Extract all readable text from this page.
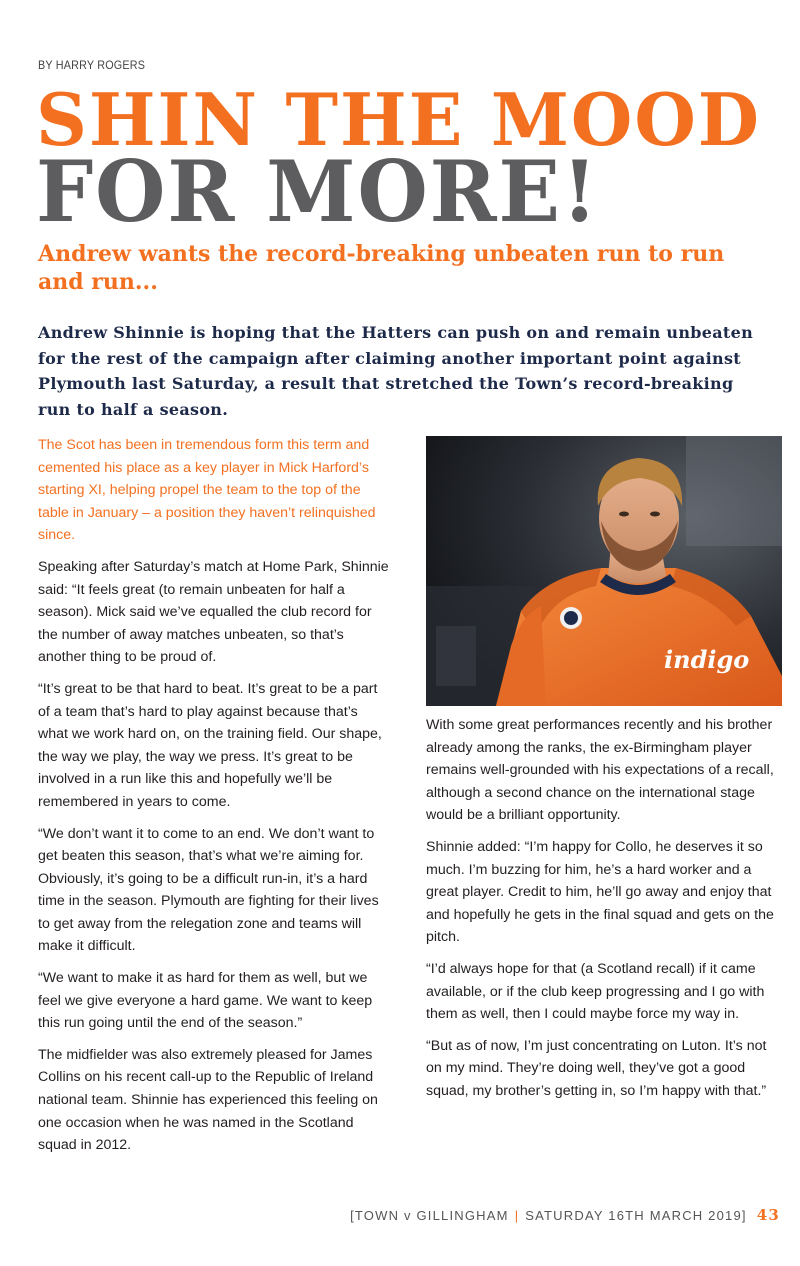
BY HARRY ROGERS
SHIN THE MOOD
FOR MORE!
Andrew wants the record-breaking unbeaten run to run and run...
Andrew Shinnie is hoping that the Hatters can push on and remain unbeaten for the rest of the campaign after claiming another important point against Plymouth last Saturday, a result that stretched the Town’s record-breaking run to half a season.

The Scot has been in tremendous form this term and cemented his place as a key player in Mick Harford’s starting XI, helping propel the team to the top of the table in January – a position they haven’t relinquished since.

Speaking after Saturday’s match at Home Park, Shinnie said: “It feels great (to remain unbeaten for half a season). Mick said we’ve equalled the club record for the number of away matches unbeaten, so that’s another thing to be proud of.

“It’s great to be that hard to beat. It’s great to be a part of a team that’s hard to play against because that’s what we work hard on, on the training field. Our shape, the way we play, the way we press. It’s great to be involved in a run like this and hopefully we’ll be remembered in years to come.

“We don’t want it to come to an end. We don’t want to get beaten this season, that’s what we’re aiming for. Obviously, it’s going to be a difficult run-in, it’s a hard time in the season. Plymouth are fighting for their lives to get away from the relegation zone and teams will make it difficult.

“We want to make it as hard for them as well, but we feel we give everyone a hard game. We want to keep this run going until the end of the season.”

The midfielder was also extremely pleased for James Collins on his recent call-up to the Republic of Ireland national team. Shinnie has experienced this feeling on one occasion when he was named in the Scotland squad in 2012.

indigo

With some great performances recently and his brother already among the ranks, the ex-Birmingham player remains well-grounded with his expectations of a recall, although a second chance on the international stage would be a brilliant opportunity.

Shinnie added: “I’m happy for Collo, he deserves it so much. I’m buzzing for him, he’s a hard worker and a great player. Credit to him, he’ll go away and enjoy that and hopefully he gets in the final squad and gets on the pitch.

“I’d always hope for that (a Scotland recall) if it came available, or if the club keep progressing and I go with them as well, then I could maybe force my way in.

“But as of now, I’m just concentrating on Luton. It’s not on my mind. They’re doing well, they’ve got a good squad, my brother’s getting in, so I’m happy with that.”

[TOWN v GILLINGHAM | SATURDAY 16TH MARCH 2019] 43
